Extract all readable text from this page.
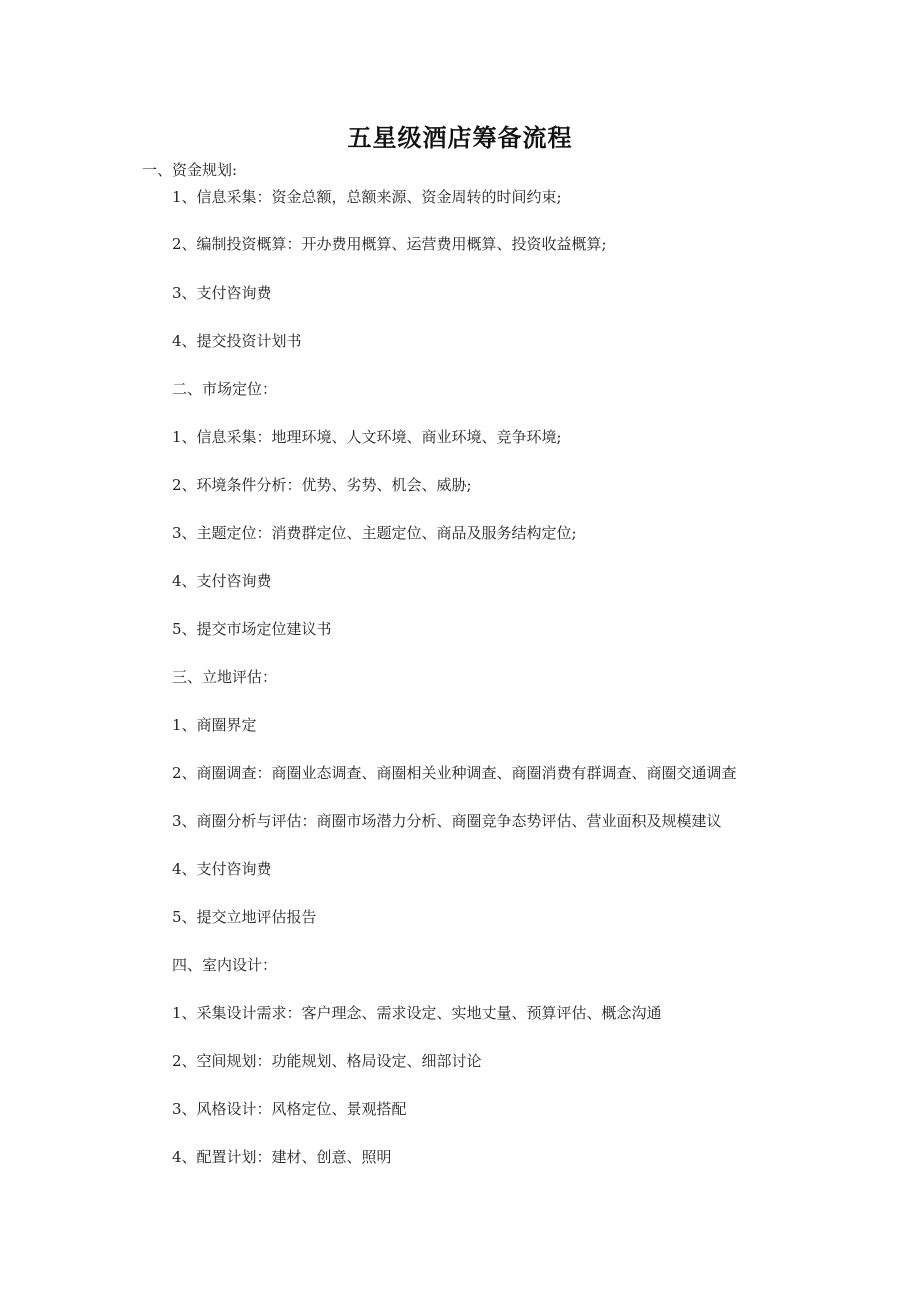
五星级酒店筹备流程
一、资金规划:
1、信息采集：资金总额，总额来源、资金周转的时间约束;
2、编制投资概算：开办费用概算、运营费用概算、投资收益概算;
3、支付咨询费
4、提交投资计划书
二、市场定位：
1、信息采集：地理环境、人文环境、商业环境、竞争环境;
2、环境条件分析：优势、劣势、机会、威胁;
3、主题定位：消费群定位、主题定位、商品及服务结构定位;
4、支付咨询费
5、提交市场定位建议书
三、立地评估：
1、商圈界定
2、商圈调查：商圈业态调查、商圈相关业种调查、商圈消费有群调查、商圈交通调查
3、商圈分析与评估：商圈市场潜力分析、商圈竞争态势评估、营业面积及规模建议
4、支付咨询费
5、提交立地评估报告
四、室内设计：
1、采集设计需求：客户理念、需求设定、实地丈量、预算评估、概念沟通
2、空间规划：功能规划、格局设定、细部讨论
3、风格设计：风格定位、景观搭配
4、配置计划：建材、创意、照明
